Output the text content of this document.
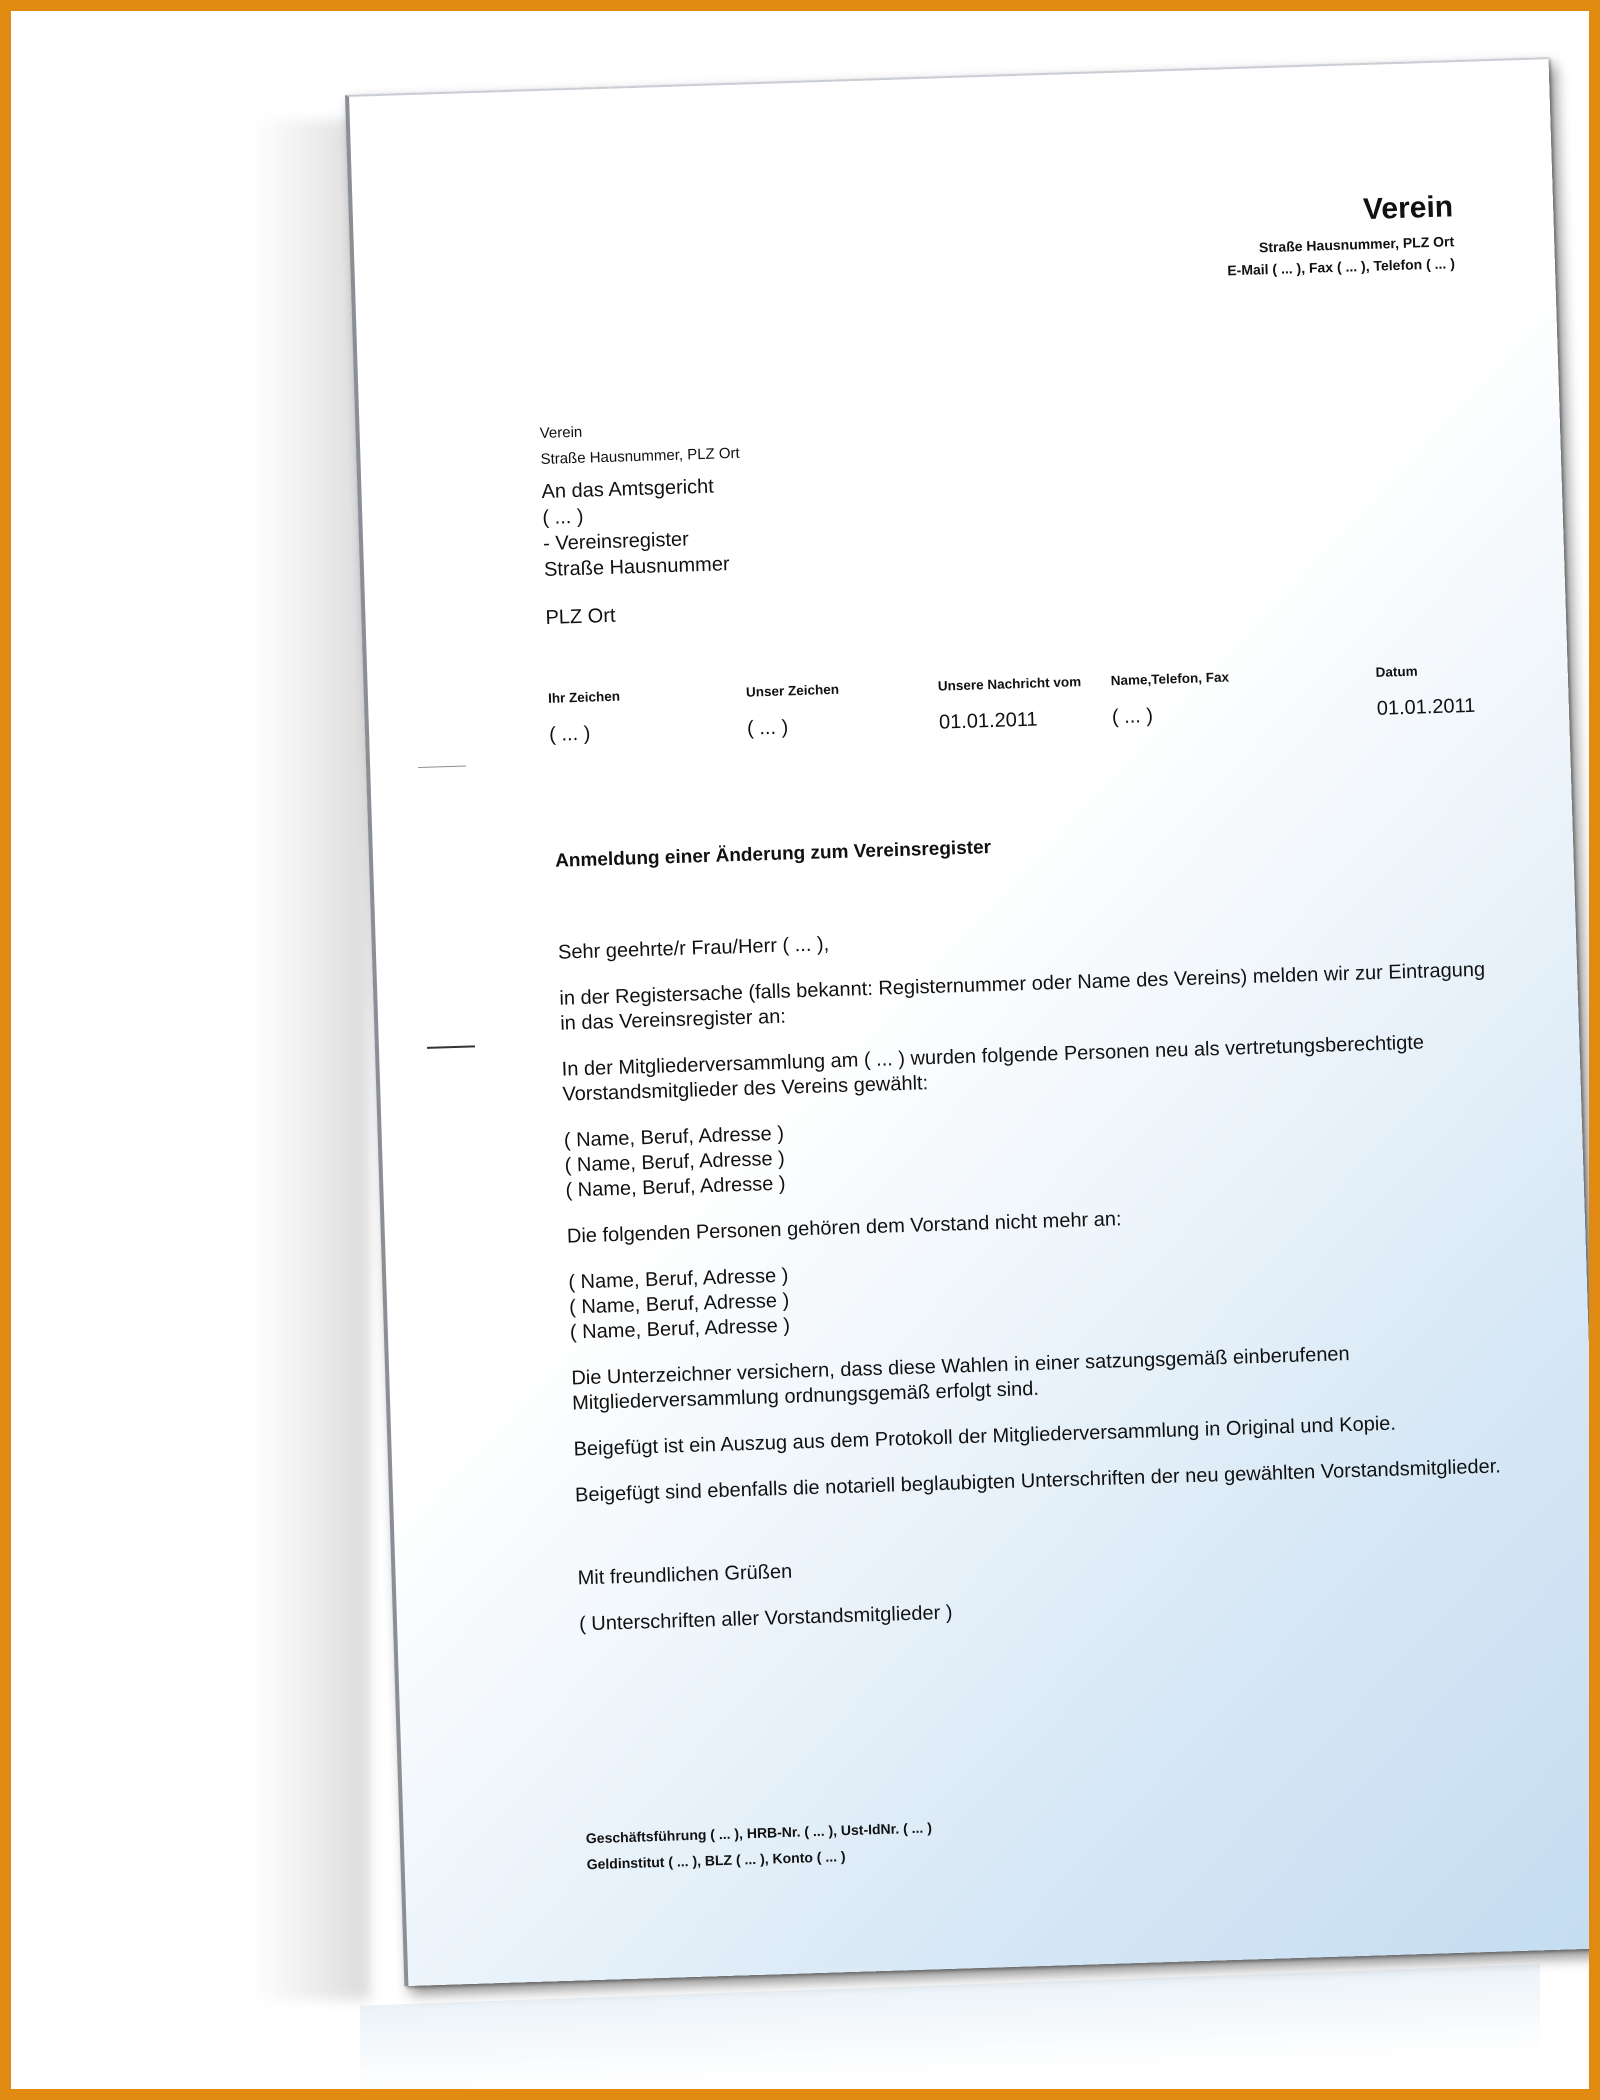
Verein
Straße Hausnummer, PLZ Ort
E-Mail ( ... ), Fax ( ... ), Telefon ( ... )
Verein
Straße Hausnummer, PLZ Ort
An das Amtsgericht
( ... )
- Vereinsregister
Straße Hausnummer
PLZ Ort
Ihr Zeichen
( ... )
Unser Zeichen
( ... )
Unsere Nachricht vom
01.01.2011
Name,Telefon, Fax
( ... )
Datum
01.01.2011
Anmeldung einer Änderung zum Vereinsregister

Sehr geehrte/r Frau/Herr ( ... ),

in der Registersache (falls bekannt: Registernummer oder Name des Vereins) melden wir zur Eintragung in das Vereinsregister an:

In der Mitgliederversammlung am ( ... ) wurden folgende Personen neu als vertretungsberechtigte Vorstandsmitglieder des Vereins gewählt:

( Name, Beruf, Adresse )
( Name, Beruf, Adresse )
( Name, Beruf, Adresse )

Die folgenden Personen gehören dem Vorstand nicht mehr an:

( Name, Beruf, Adresse )
( Name, Beruf, Adresse )
( Name, Beruf, Adresse )

Die Unterzeichner versichern, dass diese Wahlen in einer satzungsgemäß einberufenen Mitgliederversammlung ordnungsgemäß erfolgt sind.

Beigefügt ist ein Auszug aus dem Protokoll der Mitgliederversammlung in Original und Kopie.

Beigefügt sind ebenfalls die notariell beglaubigten Unterschriften der neu gewählten Vorstandsmitglieder.

Mit freundlichen Grüßen

( Unterschriften aller Vorstandsmitglieder )

Geschäftsführung ( ... ), HRB-Nr. ( ... ), Ust-IdNr. ( ... )
Geldinstitut ( ... ), BLZ ( ... ), Konto ( ... )
